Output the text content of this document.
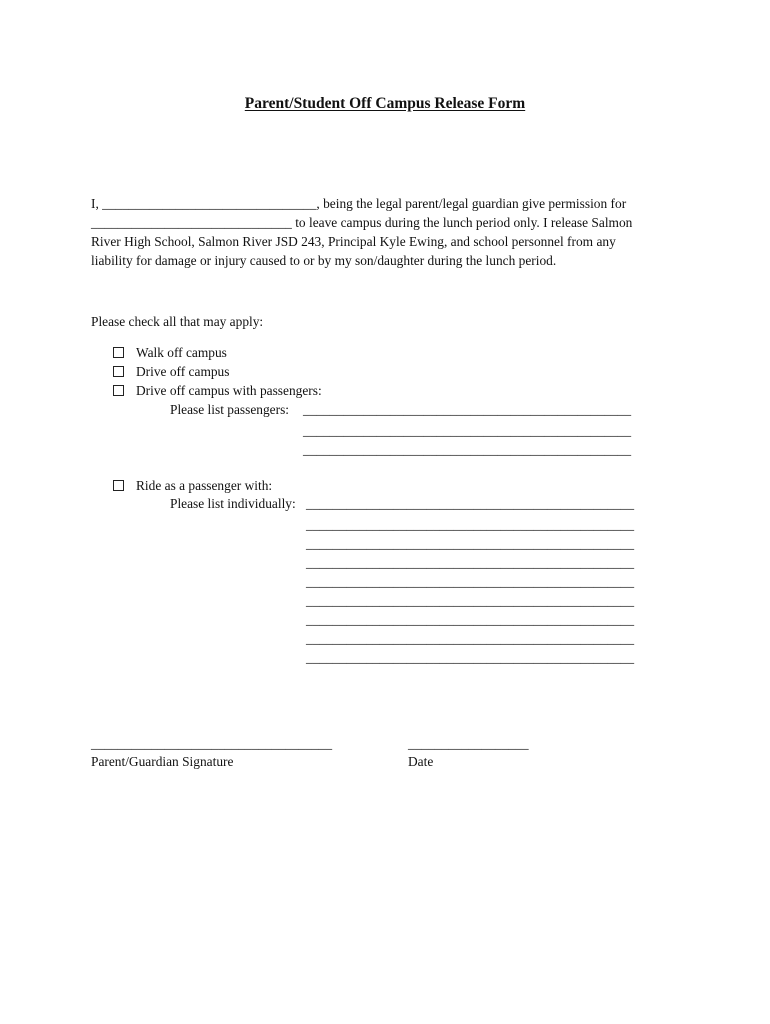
Parent/Student Off Campus Release Form
I, ________________________________, being the legal parent/legal guardian give permission for
______________________________ to leave campus during the lunch period only. I release Salmon
River High School, Salmon River JSD 243, Principal Kyle Ewing, and school personnel from any
liability for damage or injury caused to or by my son/daughter during the lunch period.
Please check all that may apply:
Walk off campus
Drive off campus
Drive off campus with passengers:
Please list passengers: _________________________________________________
_________________________________________________
_________________________________________________
Ride as a passenger with:
Please list individually: _________________________________________________
_________________________________________________
_________________________________________________
_________________________________________________
_________________________________________________
_________________________________________________
_________________________________________________
_________________________________________________
_________________________________________________
____________________________________
Parent/Guardian Signature
__________________
Date
